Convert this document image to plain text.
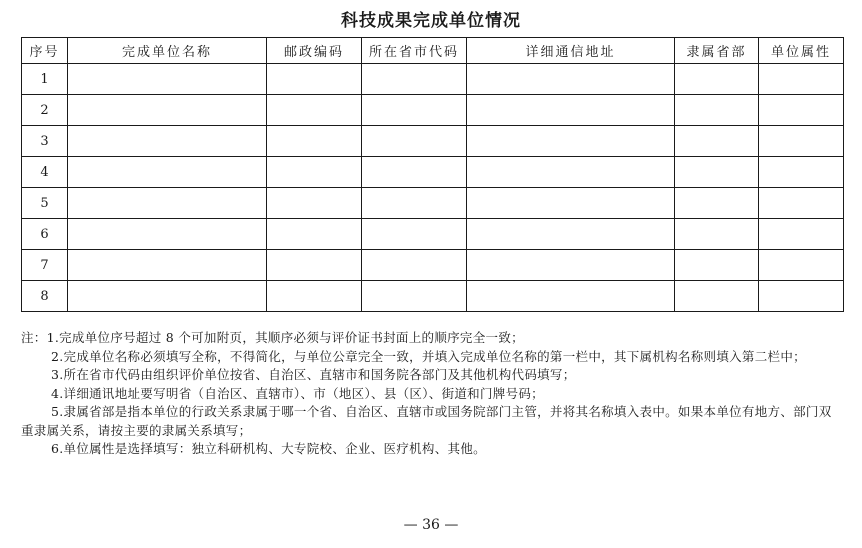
科技成果完成单位情况
序号	完成单位名称	邮政编码	所在省市代码	详细通信地址	隶属省部	单位属性
1						
2						
3						
4						
5						
6						
7						
8						

注：1.完成单位序号超过 8 个可加附页，其顺序必须与评价证书封面上的顺序完全一致；

2.完成单位名称必须填写全称，不得简化，与单位公章完全一致，并填入完成单位名称的第一栏中，其下属机构名称则填入第二栏中；

3.所在省市代码由组织评价单位按省、自治区、直辖市和国务院各部门及其他机构代码填写；

4.详细通讯地址要写明省（自治区、直辖市）、市（地区）、县（区）、街道和门牌号码；

5.隶属省部是指本单位的行政关系隶属于哪一个省、自治区、直辖市或国务院部门主管，并将其名称填入表中。如果本单位有地方、部门双重隶属关系，请按主要的隶属关系填写；

6.单位属性是选择填写：独立科研机构、大专院校、企业、医疗机构、其他。

— 36 —
